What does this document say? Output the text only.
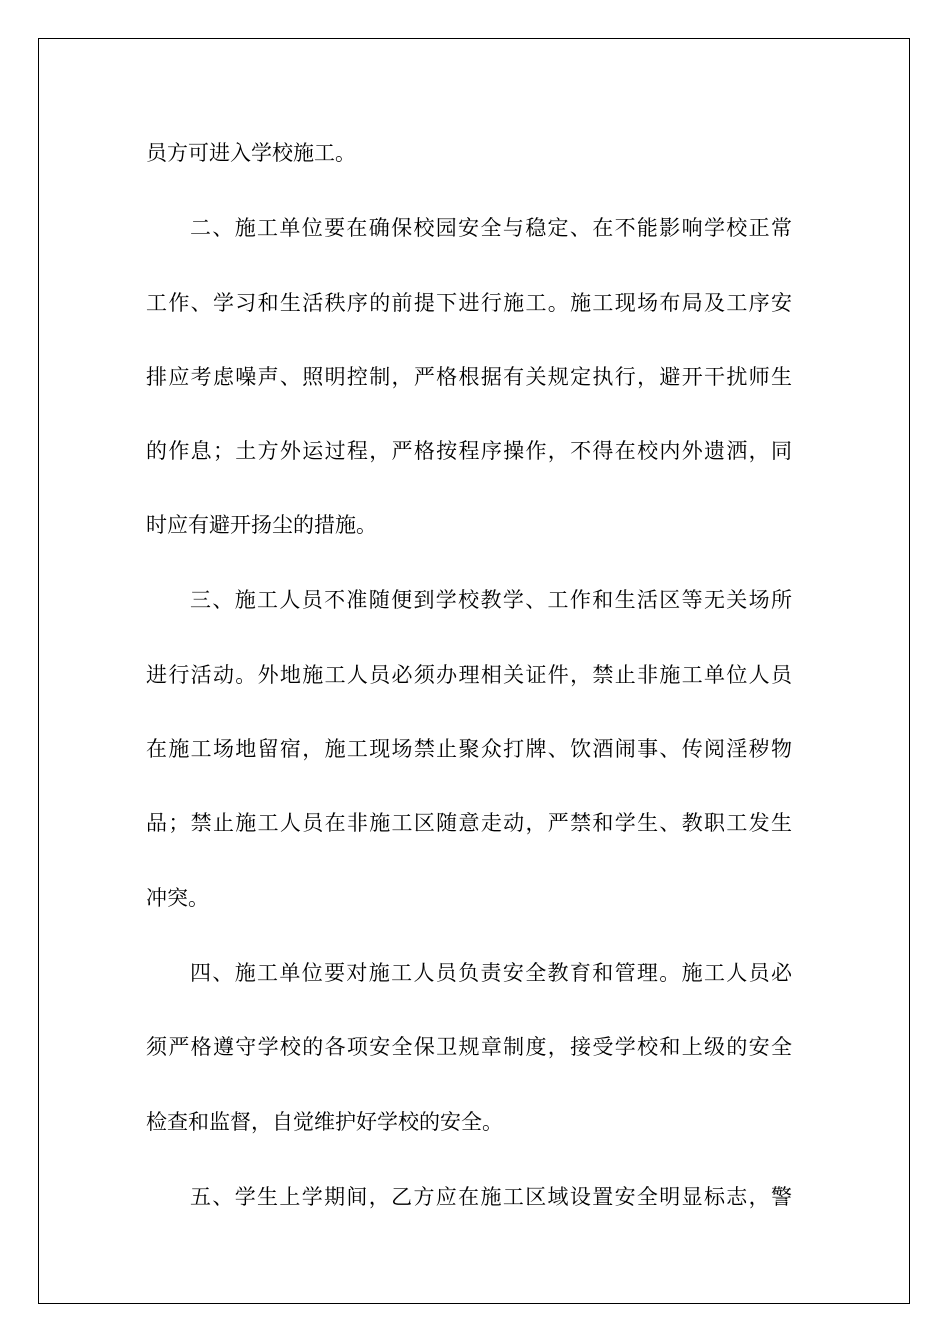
员方可进入学校施工。
二、施工单位要在确保校园安全与稳定、在不能影响学校正常
工作、学习和生活秩序的前提下进行施工。施工现场布局及工序安
排应考虑噪声、照明控制，严格根据有关规定执行，避开干扰师生
的作息；土方外运过程，严格按程序操作，不得在校内外遗洒，同
时应有避开扬尘的措施。
三、施工人员不准随便到学校教学、工作和生活区等无关场所
进行活动。外地施工人员必须办理相关证件，禁止非施工单位人员
在施工场地留宿，施工现场禁止聚众打牌、饮酒闹事、传阅淫秽物
品；禁止施工人员在非施工区随意走动，严禁和学生、教职工发生
冲突。
四、施工单位要对施工人员负责安全教育和管理。施工人员必
须严格遵守学校的各项安全保卫规章制度，接受学校和上级的安全
检查和监督，自觉维护好学校的安全。
五、学生上学期间，乙方应在施工区域设置安全明显标志，警
